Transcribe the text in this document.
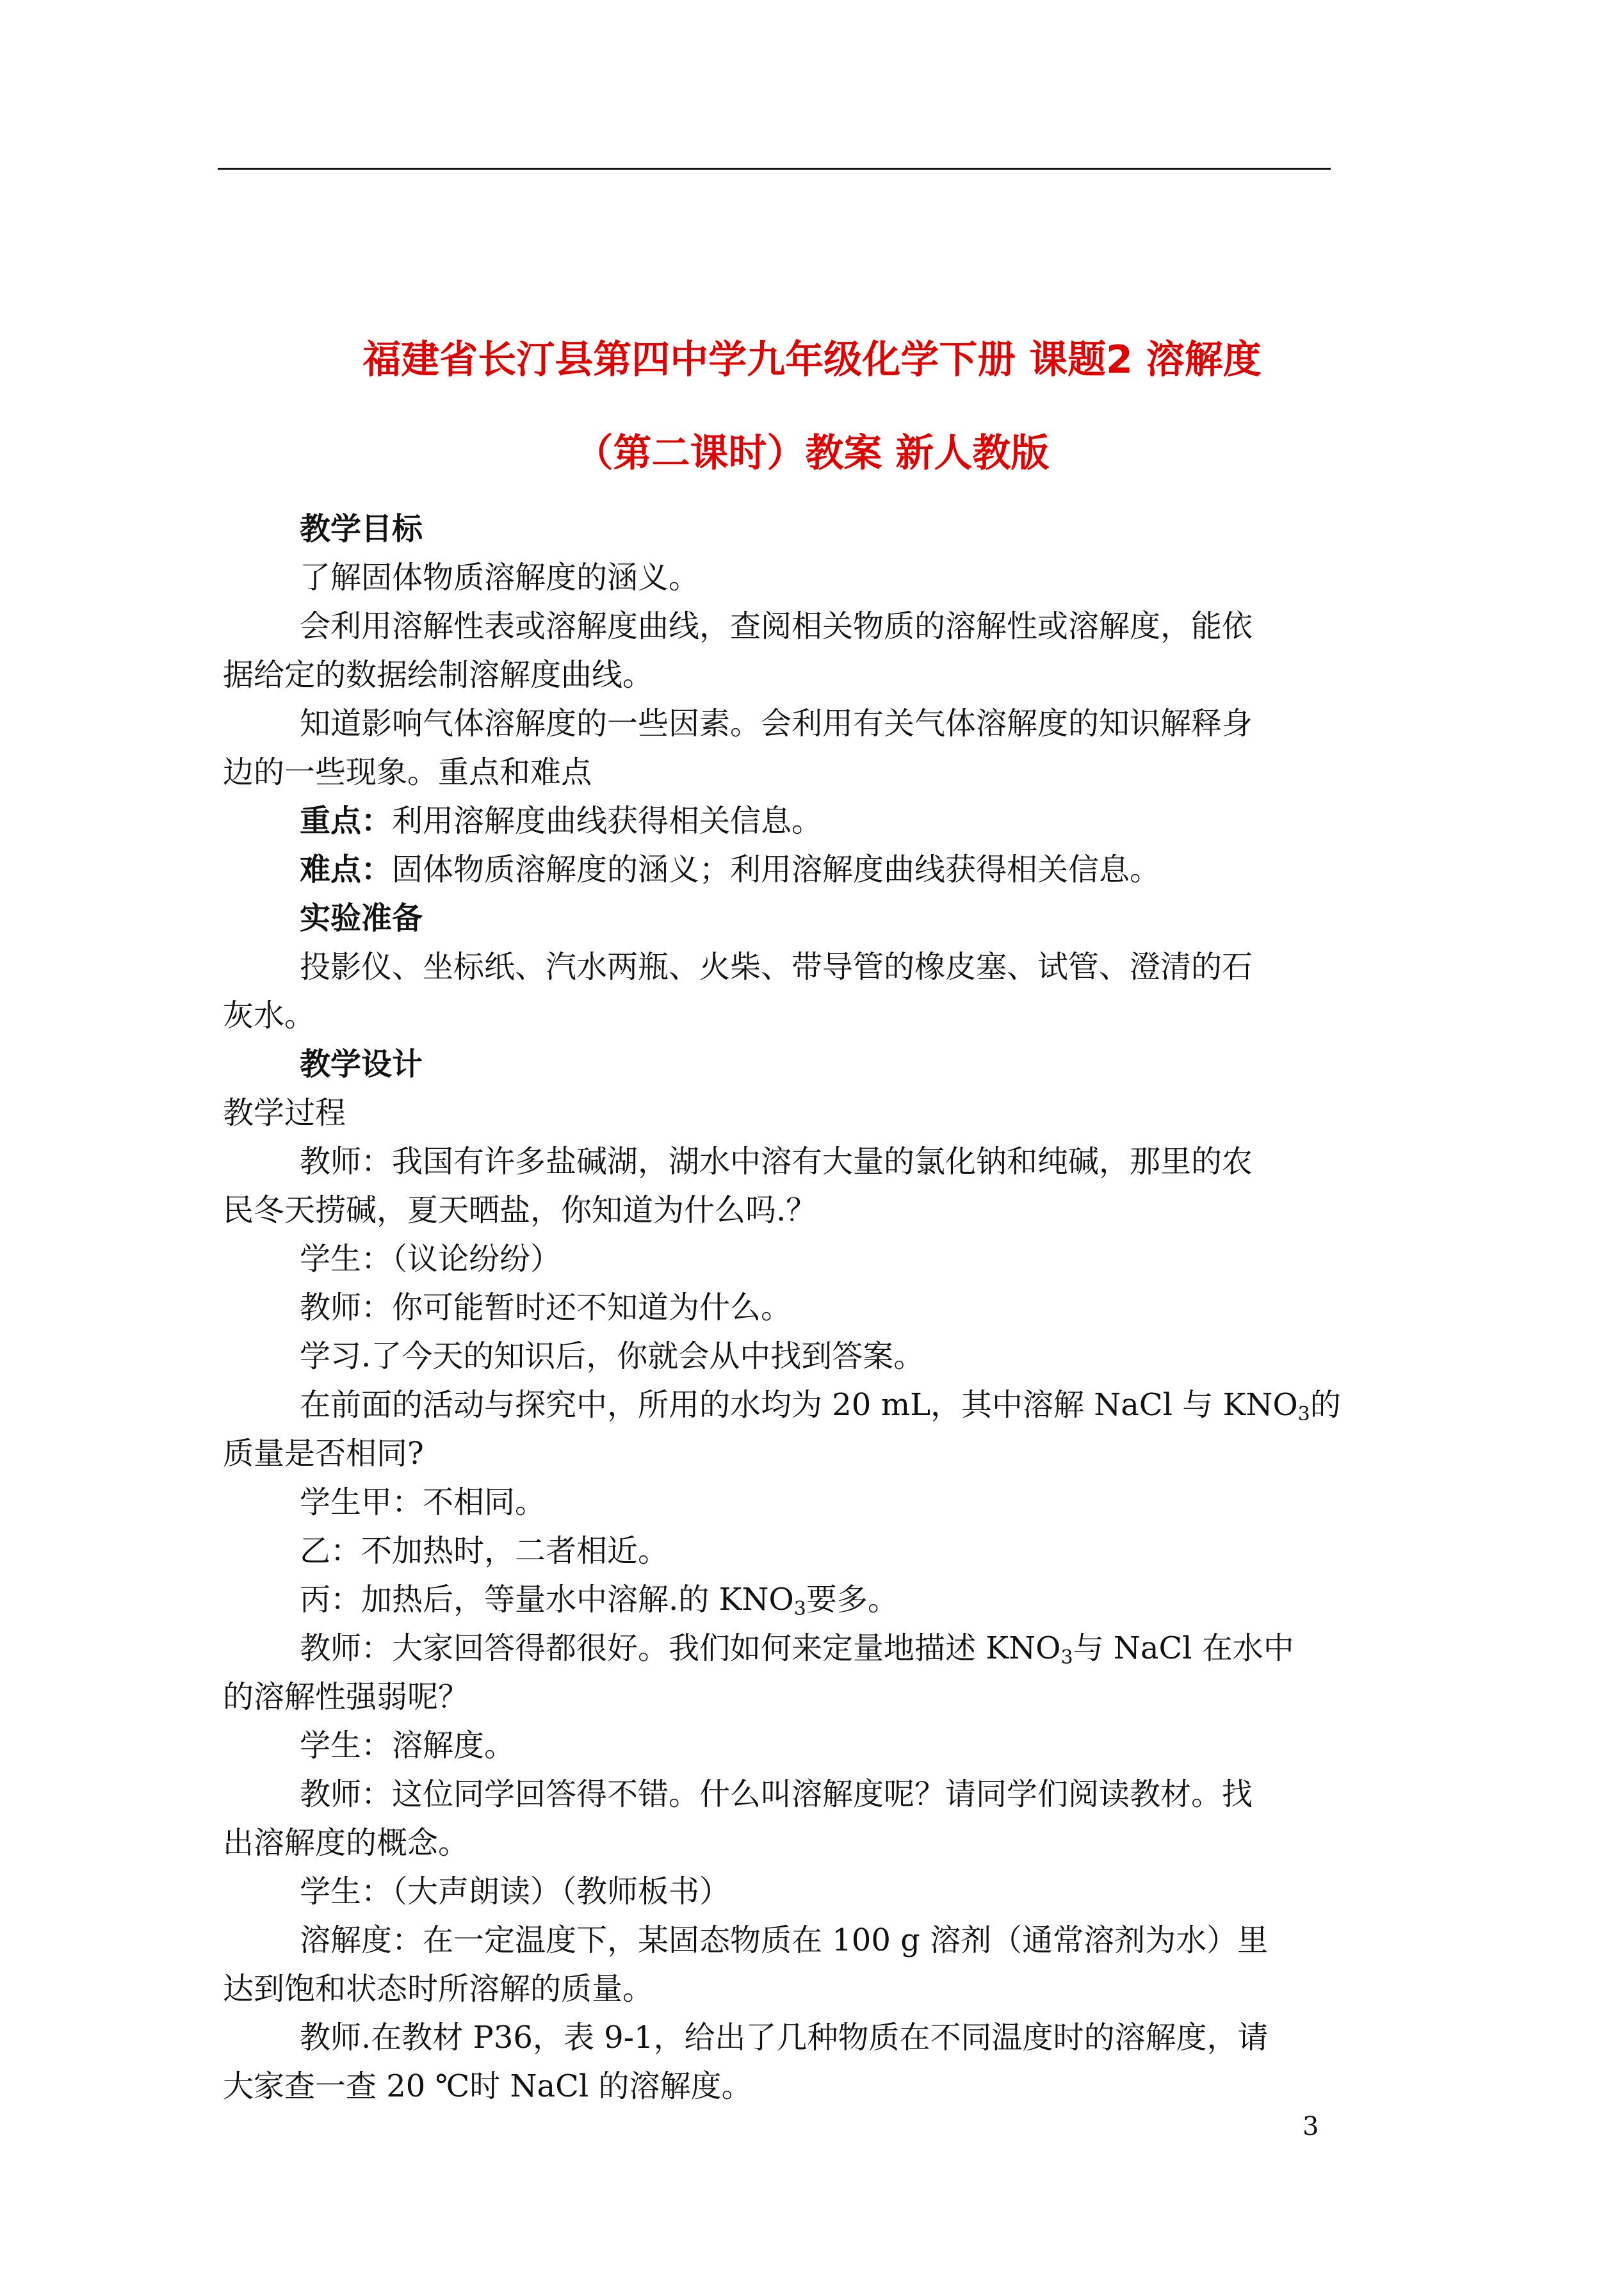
福建省长汀县第四中学九年级化学下册 课题2 溶解度
（第二课时）教案 新人教版
教学目标
了解固体物质溶解度的涵义。
会利用溶解性表或溶解度曲线，查阅相关物质的溶解性或溶解度，能依
据给定的数据绘制溶解度曲线。
知道影响气体溶解度的一些因素。会利用有关气体溶解度的知识解释身
边的一些现象。重点和难点
重点：利用溶解度曲线获得相关信息。
难点：固体物质溶解度的涵义；利用溶解度曲线获得相关信息。
实验准备
投影仪、坐标纸、汽水两瓶、火柴、带导管的橡皮塞、试管、澄清的石
灰水。
教学设计
教学过程
教师：我国有许多盐碱湖，湖水中溶有大量的氯化钠和纯碱，那里的农
民冬天捞碱，夏天晒盐，你知道为什么吗.？
学生：（议论纷纷）
教师：你可能暂时还不知道为什么。
学习.了今天的知识后，你就会从中找到答案。
在前面的活动与探究中，所用的水均为 20 mL，其中溶解 NaCl 与 $KNO_3$的
质量是否相同?
学生甲：不相同。
乙：不加热时，二者相近。
丙：加热后，等量水中溶解.的 $KNO_3$要多。
教师：大家回答得都很好。我们如何来定量地描述 $KNO_3$与 NaCl 在水中
的溶解性强弱呢？
学生：溶解度。
教师：这位同学回答得不错。什么叫溶解度呢？请同学们阅读教材。找
出溶解度的概念。
学生：（大声朗读）（教师板书）
溶解度：在一定温度下，某固态物质在 100 g 溶剂（通常溶剂为水）里
达到饱和状态时所溶解的质量。
教师.在教材 P36，表 9-1，给出了几种物质在不同温度时的溶解度，请
大家查一查 20 ℃时 NaCl 的溶解度。
3
